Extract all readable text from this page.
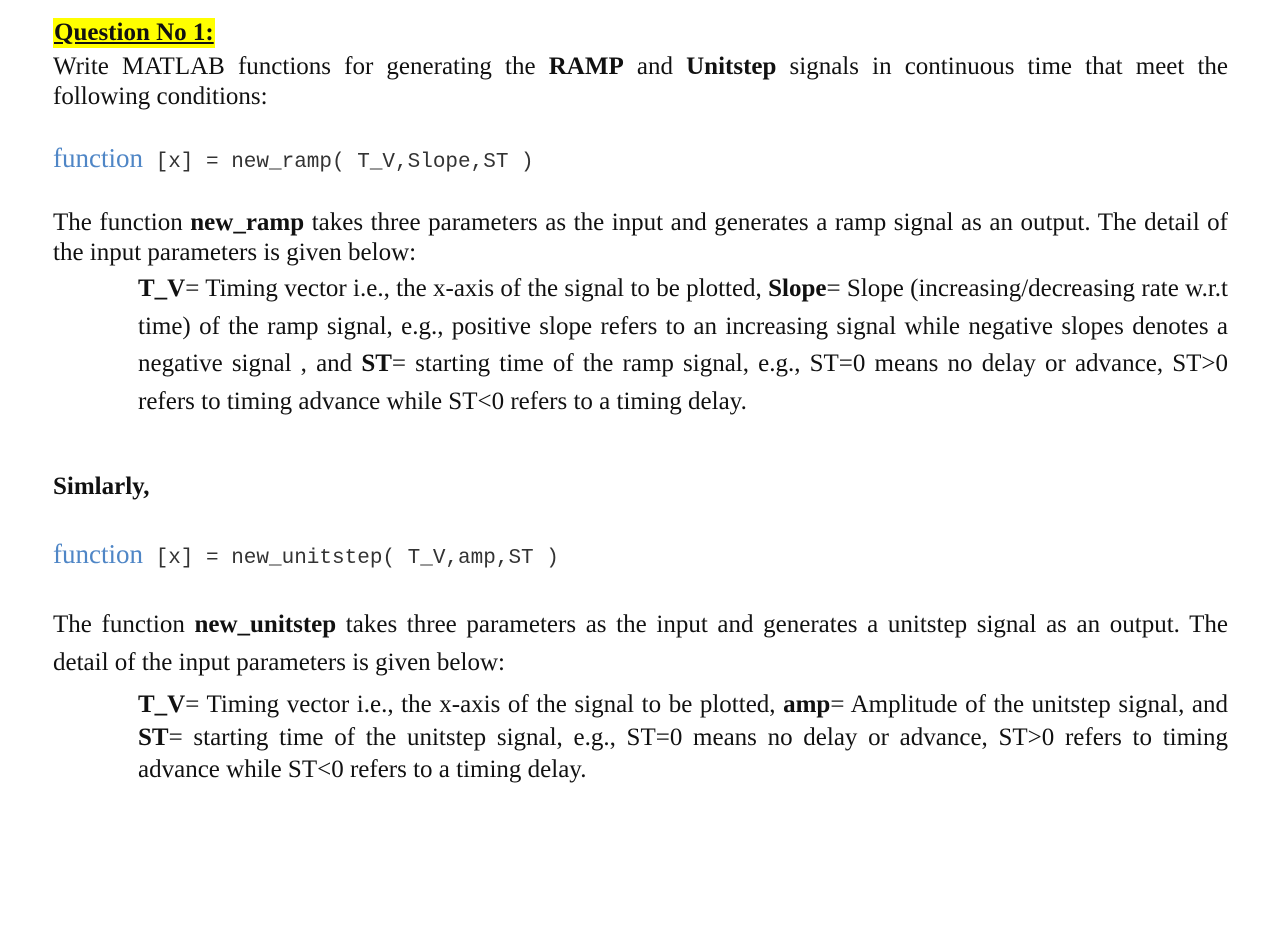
Question No 1:

Write MATLAB functions for generating the RAMP and Unitstep signals in continuous time that meet the following conditions:

function [x] = new_ramp( T_V,Slope,ST )

The function new_ramp takes three parameters as the input and generates a ramp signal as an output. The detail of the input parameters is given below:

T_V= Timing vector i.e., the x-axis of the signal to be plotted, Slope= Slope (increasing/decreasing rate w.r.t time) of the ramp signal, e.g., positive slope refers to an increasing signal while negative slopes denotes a negative signal , and ST= starting time of the ramp signal, e.g., ST=0 means no delay or advance, ST>0 refers to timing advance while ST<0 refers to a timing delay.

Simlarly,
function [x] = new_unitstep( T_V,amp,ST )

The function new_unitstep takes three parameters as the input and generates a unitstep signal as an output. The detail of the input parameters is given below:

T_V= Timing vector i.e., the x-axis of the signal to be plotted, amp= Amplitude of the unitstep signal, and ST= starting time of the unitstep signal, e.g., ST=0 means no delay or advance, ST>0 refers to timing advance while ST<0 refers to a timing delay.
